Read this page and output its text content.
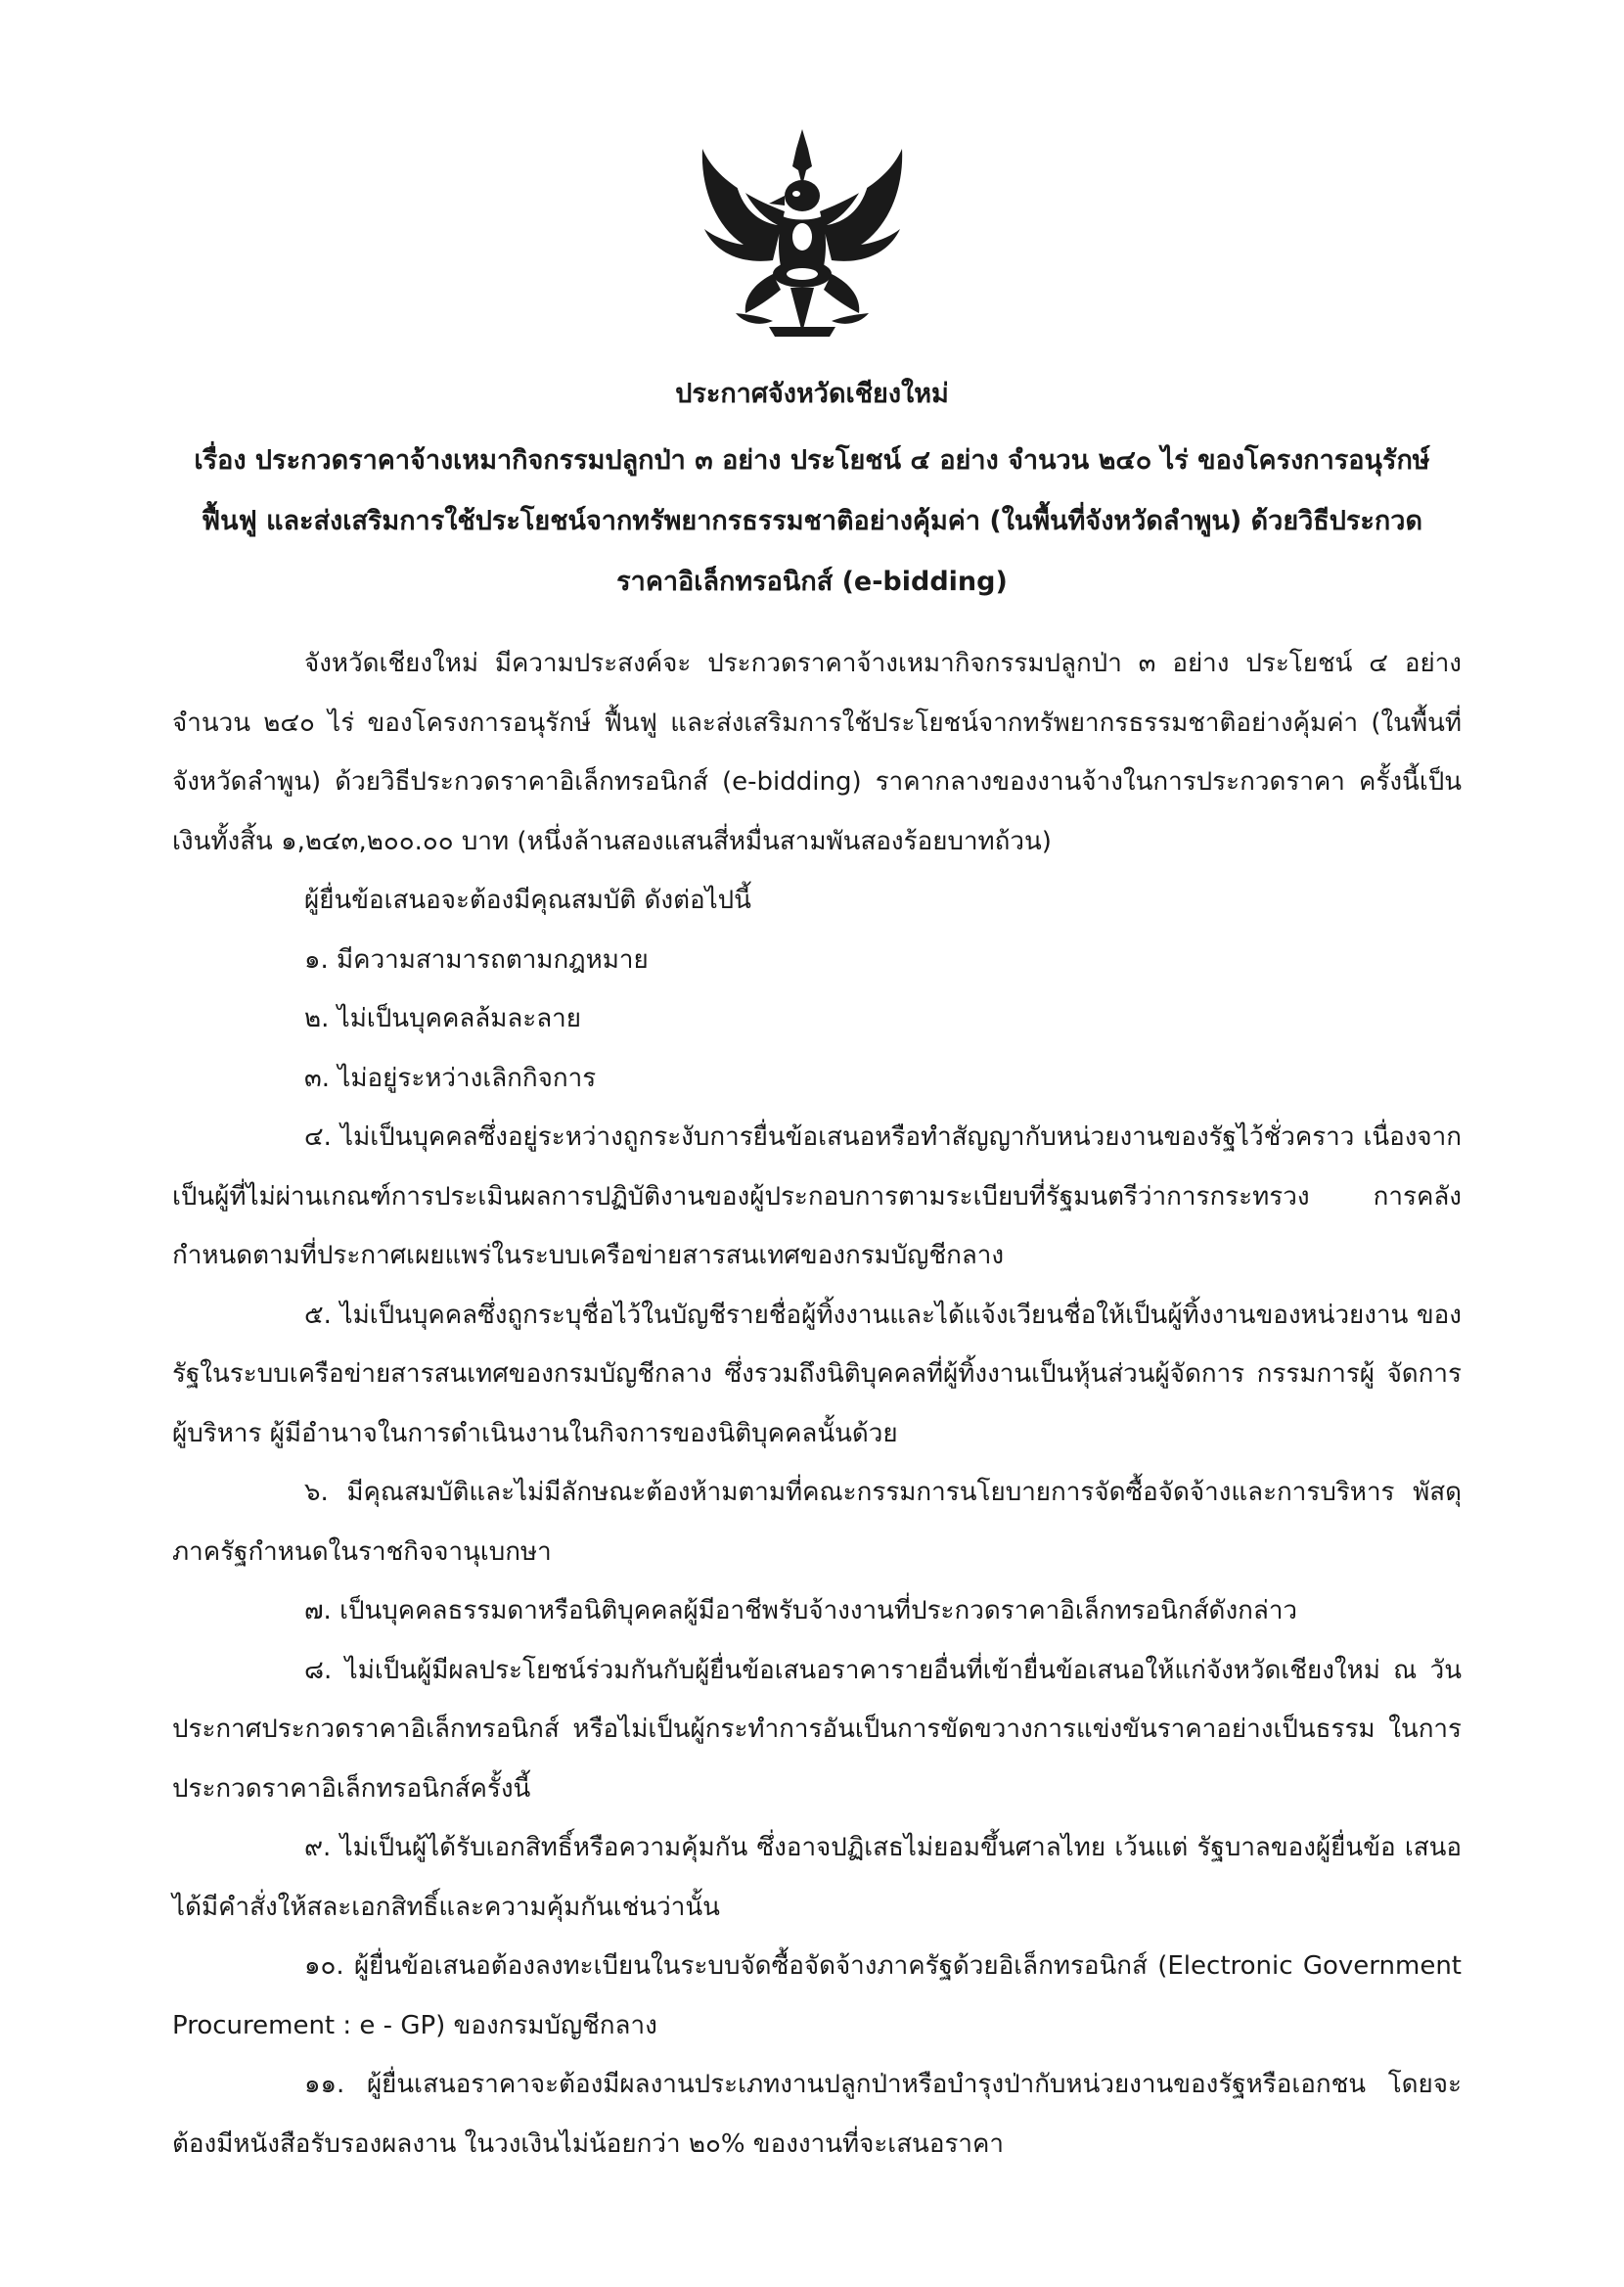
ประกาศจังหวัดเชียงใหม่
เรื่อง ประกวดราคาจ้างเหมากิจกรรมปลูกป่า ๓ อย่าง ประโยชน์ ๔ อย่าง จำนวน ๒๔๐ ไร่ ของโครงการอนุรักษ์
ฟื้นฟู และส่งเสริมการใช้ประโยชน์จากทรัพยากรธรรมชาติอย่างคุ้มค่า (ในพื้นที่จังหวัดลำพูน) ด้วยวิธีประกวด
ราคาอิเล็กทรอนิกส์ (e-bidding)

จังหวัดเชียงใหม่ มีความประสงค์จะ ประกวดราคาจ้างเหมากิจกรรมปลูกป่า ๓ อย่าง ประโยชน์ ๔ อย่าง จำนวน ๒๔๐ ไร่ ของโครงการอนุรักษ์ ฟื้นฟู และส่งเสริมการใช้ประโยชน์จากทรัพยากรธรรมชาติอย่างคุ้มค่า (ในพื้นที่จังหวัดลำพูน) ด้วยวิธีประกวดราคาอิเล็กทรอนิกส์ (e-bidding) ราคากลางของงานจ้างในการประกวดราคา ครั้งนี้เป็นเงินทั้งสิ้น ๑,๒๔๓,๒๐๐.๐๐ บาท (หนึ่งล้านสองแสนสี่หมื่นสามพันสองร้อยบาทถ้วน)

ผู้ยื่นข้อเสนอจะต้องมีคุณสมบัติ ดังต่อไปนี้

๑. มีความสามารถตามกฎหมาย

๒. ไม่เป็นบุคคลล้มละลาย

๓. ไม่อยู่ระหว่างเลิกกิจการ

๔. ไม่เป็นบุคคลซึ่งอยู่ระหว่างถูกระงับการยื่นข้อเสนอหรือทำสัญญากับหน่วยงานของรัฐไว้ชั่วคราว เนื่องจากเป็นผู้ที่ไม่ผ่านเกณฑ์การประเมินผลการปฏิบัติงานของผู้ประกอบการตามระเบียบที่รัฐมนตรีว่าการกระทรวง	การคลังกำหนดตามที่ประกาศเผยแพร่ในระบบเครือข่ายสารสนเทศของกรมบัญชีกลาง

๕. ไม่เป็นบุคคลซึ่งถูกระบุชื่อไว้ในบัญชีรายชื่อผู้ทิ้งงานและได้แจ้งเวียนชื่อให้เป็นผู้ทิ้งงานของหน่วยงาน ของรัฐในระบบเครือข่ายสารสนเทศของกรมบัญชีกลาง ซึ่งรวมถึงนิติบุคคลที่ผู้ทิ้งงานเป็นหุ้นส่วนผู้จัดการ กรรมการผู้ จัดการ ผู้บริหาร ผู้มีอำนาจในการดำเนินงานในกิจการของนิติบุคคลนั้นด้วย

๖. มีคุณสมบัติและไม่มีลักษณะต้องห้ามตามที่คณะกรรมการนโยบายการจัดซื้อจัดจ้างและการบริหาร พัสดุภาครัฐกำหนดในราชกิจจานุเบกษา

๗. เป็นบุคคลธรรมดาหรือนิติบุคคลผู้มีอาชีพรับจ้างงานที่ประกวดราคาอิเล็กทรอนิกส์ดังกล่าว

๘. ไม่เป็นผู้มีผลประโยชน์ร่วมกันกับผู้ยื่นข้อเสนอราคารายอื่นที่เข้ายื่นข้อเสนอให้แก่จังหวัดเชียงใหม่ ณ วันประกาศประกวดราคาอิเล็กทรอนิกส์ หรือไม่เป็นผู้กระทำการอันเป็นการขัดขวางการแข่งขันราคาอย่างเป็นธรรม ในการประกวดราคาอิเล็กทรอนิกส์ครั้งนี้

๙. ไม่เป็นผู้ได้รับเอกสิทธิ์หรือความคุ้มกัน ซึ่งอาจปฏิเสธไม่ยอมขึ้นศาลไทย เว้นแต่ รัฐบาลของผู้ยื่นข้อ เสนอได้มีคำสั่งให้สละเอกสิทธิ์และความคุ้มกันเช่นว่านั้น

๑๐. ผู้ยื่นข้อเสนอต้องลงทะเบียนในระบบจัดซื้อจัดจ้างภาครัฐด้วยอิเล็กทรอนิกส์ (Electronic Government Procurement : e - GP) ของกรมบัญชีกลาง

๑๑. ผู้ยื่นเสนอราคาจะต้องมีผลงานประเภทงานปลูกป่าหรือบำรุงป่ากับหน่วยงานของรัฐหรือเอกชน โดยจะต้องมีหนังสือรับรองผลงาน ในวงเงินไม่น้อยกว่า ๒๐% ของงานที่จะเสนอราคา
